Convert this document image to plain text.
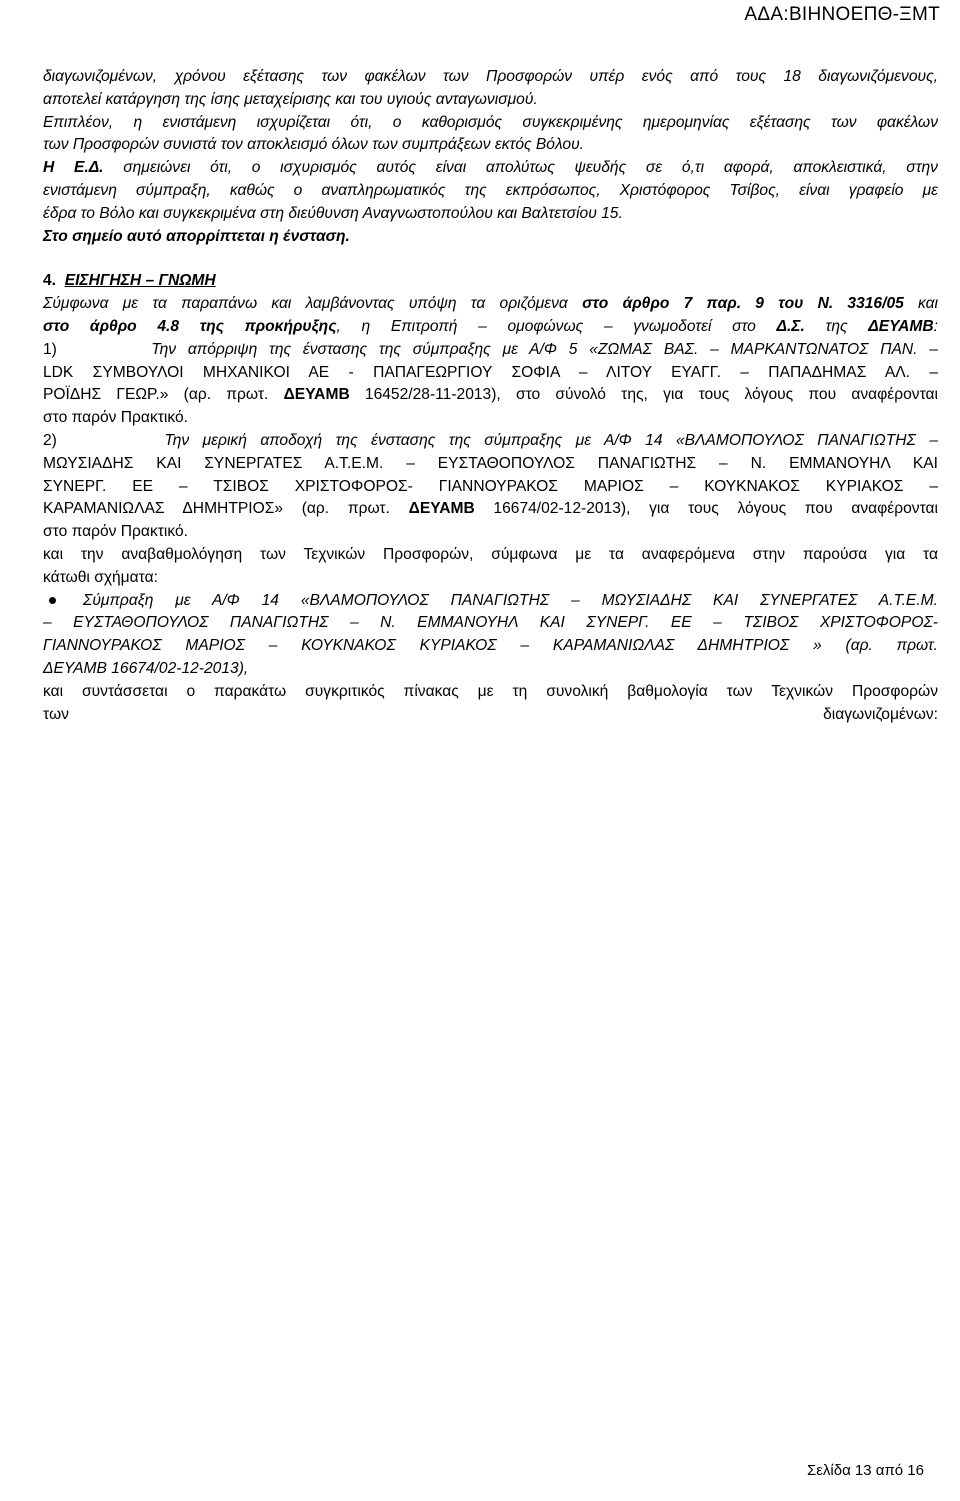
ΑΔΑ:ΒΙΗΝΟΕΠΘ-ΞΜΤ
διαγωνιζομένων, χρόνου εξέτασης των φακέλων των Προσφορών υπέρ ενός από τους 18 διαγωνιζόμενους,
αποτελεί κατάργηση της ίσης μεταχείρισης και του υγιούς ανταγωνισμού.
Επιπλέον, η ενιστάμενη ισχυρίζεται ότι, ο καθορισμός συγκεκριμένης ημερομηνίας εξέτασης των φακέλων
των Προσφορών συνιστά τον αποκλεισμό όλων των συμπράξεων εκτός Βόλου.
Η Ε.Δ. σημειώνει ότι, ο ισχυρισμός αυτός είναι απολύτως ψευδής σε ό,τι αφορά, αποκλειστικά, στην
ενιστάμενη σύμπραξη, καθώς ο αναπληρωματικός της εκπρόσωπος, Χριστόφορος Τσίβος, είναι γραφείο με
έδρα το Βόλο και συγκεκριμένα στη διεύθυνση Αναγνωστοπούλου και Βαλτετσίου 15.
Στο σημείο αυτό απορρίπτεται η ένσταση.
4. ΕΙΣΗΓΗΣΗ – ΓΝΩΜΗ
Σύμφωνα με τα παραπάνω και λαμβάνοντας υπόψη τα οριζόμενα στο άρθρο 7 παρ. 9 του Ν. 3316/05 και
στο άρθρο 4.8 της προκήρυξης, η Επιτροπή – ομοφώνως – γνωμοδοτεί στο Δ.Σ. της ΔΕΥΑΜΒ:
1)	Την απόρριψη της ένστασης της σύμπραξης με Α/Φ 5 «ΖΩΜΑΣ ΒΑΣ. – ΜΑΡΚΑΝΤΩΝΑΤΟΣ ΠΑΝ. –
LDK ΣΥΜΒΟΥΛΟΙ ΜΗΧΑΝΙΚΟΙ ΑΕ - ΠΑΠΑΓΕΩΡΓΙΟΥ ΣΟΦΙΑ – ΛΙΤΟΥ ΕΥΑΓΓ. – ΠΑΠΑΔΗΜΑΣ ΑΛ. –
ΡΟΪΔΗΣ ΓΕΩΡ.» (αρ. πρωτ. ΔΕΥΑΜΒ 16452/28-11-2013), στο σύνολό της, για τους λόγους που αναφέρονται
στο παρόν Πρακτικό.
2)	Την μερική αποδοχή της ένστασης της σύμπραξης με Α/Φ 14 «ΒΛΑΜΟΠΟΥΛΟΣ ΠΑΝΑΓΙΩΤΗΣ –
ΜΩΥΣΙΑΔΗΣ ΚΑΙ ΣΥΝΕΡΓΑΤΕΣ Α.Τ.Ε.Μ. – ΕΥΣΤΑΘΟΠΟΥΛΟΣ ΠΑΝΑΓΙΩΤΗΣ – Ν. ΕΜΜΑΝΟΥΗΛ ΚΑΙ
ΣΥΝΕΡΓ. ΕΕ – ΤΣΙΒΟΣ ΧΡΙΣΤΟΦΟΡΟΣ- ΓΙΑΝΝΟΥΡΑΚΟΣ ΜΑΡΙΟΣ – ΚΟΥΚΝΑΚΟΣ ΚΥΡΙΑΚΟΣ –
ΚΑΡΑΜΑΝΙΩΛΑΣ ΔΗΜΗΤΡΙΟΣ» (αρ. πρωτ. ΔΕΥΑΜΒ 16674/02-12-2013), για τους λόγους που αναφέρονται
στο παρόν Πρακτικό.
και την αναβαθμολόγηση των Τεχνικών Προσφορών, σύμφωνα με τα αναφερόμενα στην παρούσα για τα
κάτωθι σχήματα:
Σύμπραξη με Α/Φ 14 «ΒΛΑΜΟΠΟΥΛΟΣ ΠΑΝΑΓΙΩΤΗΣ – ΜΩΥΣΙΑΔΗΣ ΚΑΙ ΣΥΝΕΡΓΑΤΕΣ Α.Τ.Ε.Μ.
– ΕΥΣΤΑΘΟΠΟΥΛΟΣ ΠΑΝΑΓΙΩΤΗΣ – Ν. ΕΜΜΑΝΟΥΗΛ ΚΑΙ ΣΥΝΕΡΓ. ΕΕ – ΤΣΙΒΟΣ ΧΡΙΣΤΟΦΟΡΟΣ-
ΓΙΑΝΝΟΥΡΑΚΟΣ ΜΑΡΙΟΣ – ΚΟΥΚΝΑΚΟΣ ΚΥΡΙΑΚΟΣ – ΚΑΡΑΜΑΝΙΩΛΑΣ ΔΗΜΗΤΡΙΟΣ » (αρ. πρωτ.
ΔΕΥΑΜΒ 16674/02-12-2013),
και συντάσσεται ο παρακάτω συγκριτικός πίνακας με τη συνολική βαθμολογία των Τεχνικών Προσφορών
των	διαγωνιζομένων:
Σελίδα 13 από 16
